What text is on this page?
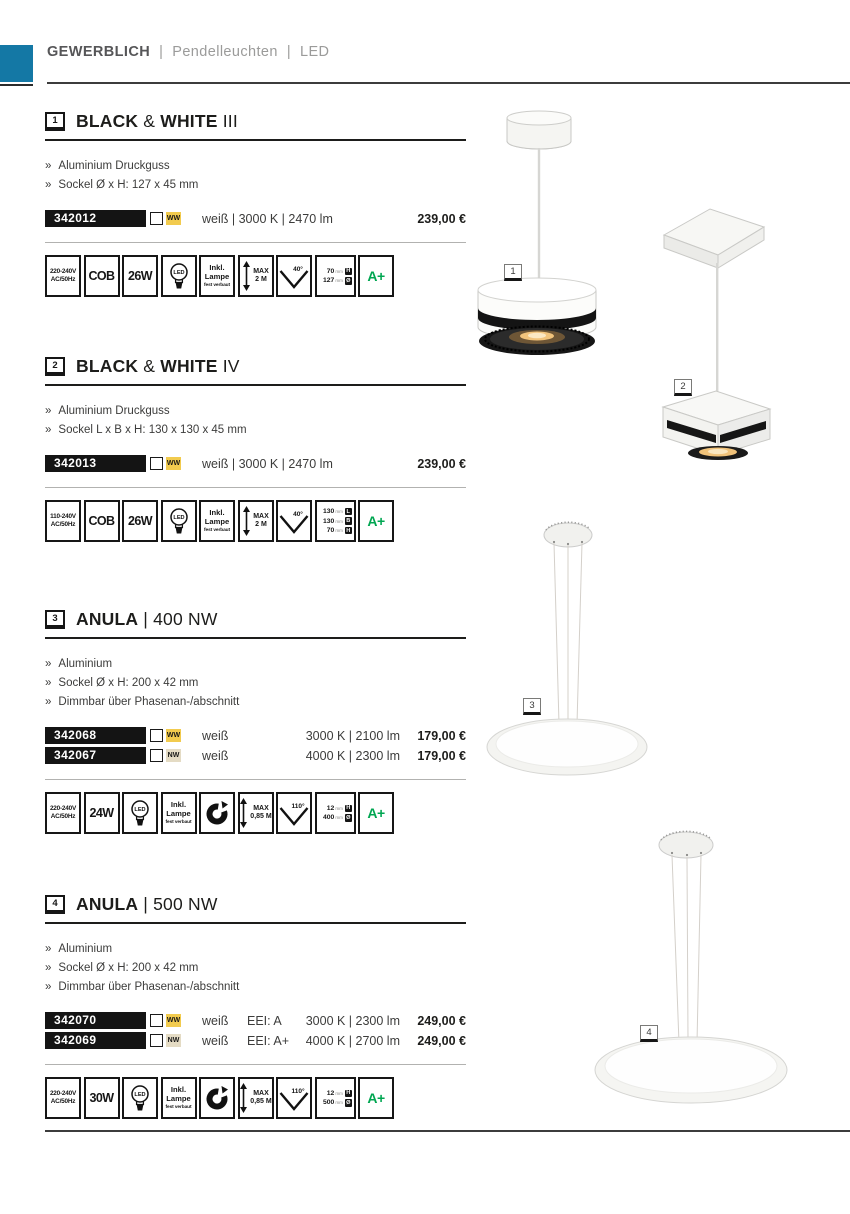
GEWERBLICH | Pendelleuchten | LED
1	BLACK & WHITE III
» Aluminium Druckguss
» Sockel Ø x H: 127 x 45 mm
342012	WW weiß | 3000 K | 2470 lm	239,00 €
220-240V
AC/50Hz COB 26W	LED
Inkl.
Lampe
fest verbaut
MAX
2 M
40°	70 mm H
127 mm Ø A+
2	BLACK & WHITE IV
» Aluminium Druckguss
» Sockel L x B x H: 130 x 130 x 45 mm
342013	WW weiß | 3000 K | 2470 lm	239,00 €
110-240V
AC/50Hz COB 26W	LED
Inkl.
Lampe
fest verbaut
MAX
2 M
40°	130 mm L
130 mm B
70 mm H
A+
3	ANULA | 400 NW
» Aluminium
» Sockel Ø x H: 200 x 42 mm
» Dimmbar über Phasenan-/abschnitt
342068	WW weiß	3000 K | 2100 lm	179,00 €
342067	NW weiß	4000 K | 2300 lm	179,00 €
220-240V
AC/50Hz 24W	LED
Inkl.
Lampe
fest verbaut
MAX
0,85 M
110°	12 mm H
400 mm Ø A+
4	ANULA | 500 NW
» Aluminium
» Sockel Ø x H: 200 x 42 mm
» Dimmbar über Phasenan-/abschnitt
342070	WW weiß	EEI: A	3000 K | 2300 lm	249,00 €
342069	NW weiß	EEI: A+	4000 K | 2700 lm	249,00 €
220-240V
AC/50Hz 30W	LED
Inkl.
Lampe
fest verbaut
MAX
0,85 M
110°	12 mm H
500 mm Ø A+
1
2
3
4
